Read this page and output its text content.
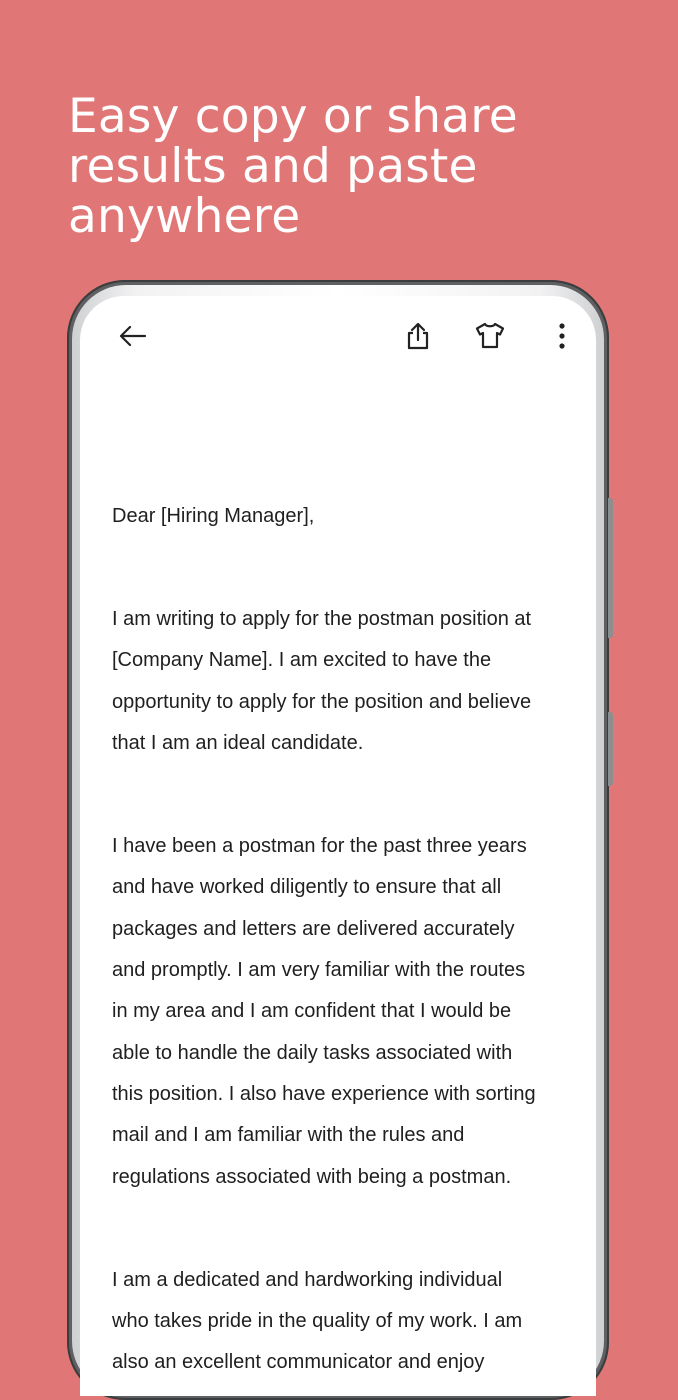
Easy copy or share
results and paste
anywhere

Dear [Hiring Manager],

I am writing to apply for the postman position at
[Company Name]. I am excited to have the
opportunity to apply for the position and believe
that I am an ideal candidate.

I have been a postman for the past three years
and have worked diligently to ensure that all
packages and letters are delivered accurately
and promptly. I am very familiar with the routes
in my area and I am confident that I would be
able to handle the daily tasks associated with
this position. I also have experience with sorting
mail and I am familiar with the rules and
regulations associated with being a postman.

I am a dedicated and hardworking individual
who takes pride in the quality of my work. I am
also an excellent communicator and enjoy
